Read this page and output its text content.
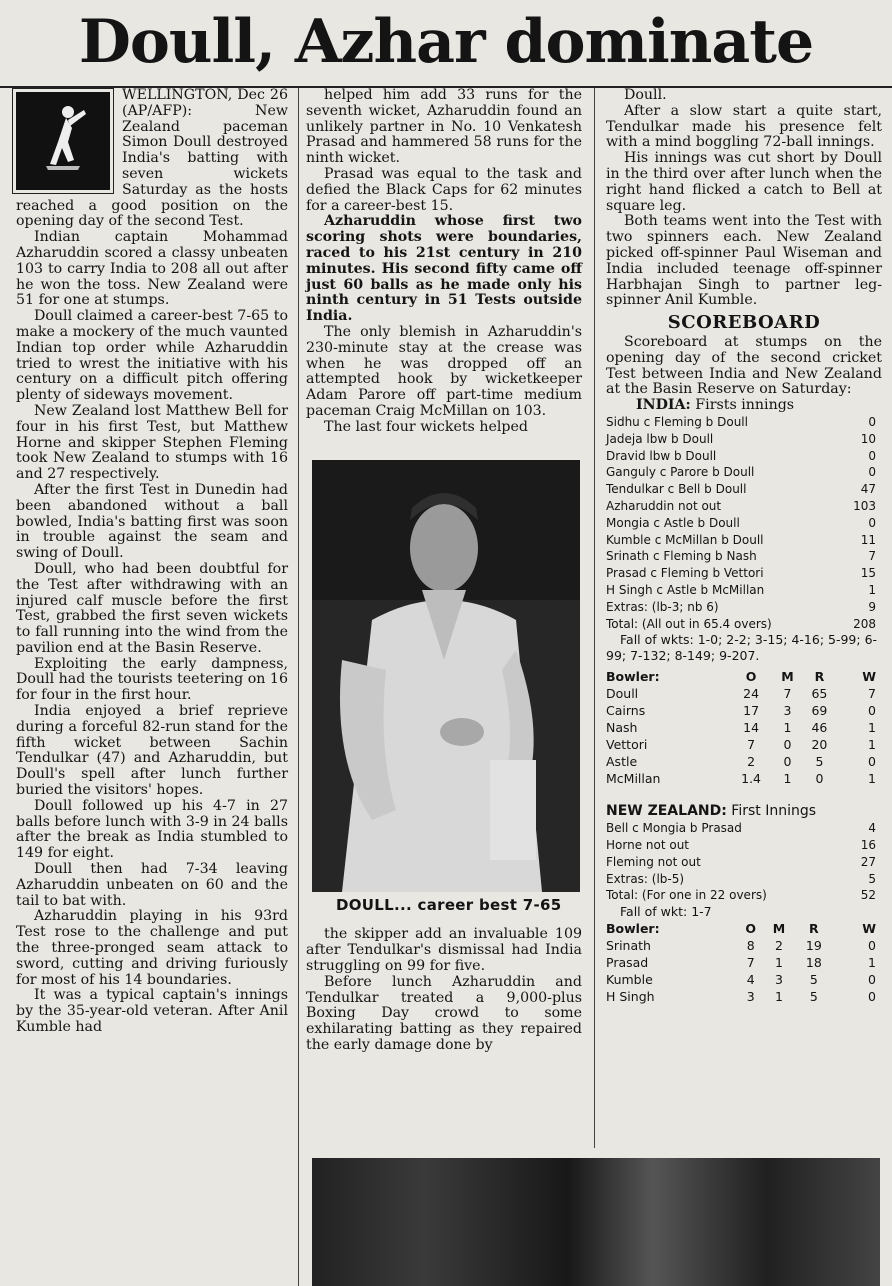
Doull, Azhar dominate

WELLINGTON, Dec 26 (AP/AFP): New Zealand paceman Simon Doull destroyed India's batting with seven wickets Saturday as the hosts reached a good position on the opening day of the second Test.

Indian captain Mohammad Azharuddin scored a classy unbeaten 103 to carry India to 208 all out after he won the toss. New Zealand were 51 for one at stumps.

Doull claimed a career-best 7-65 to make a mockery of the much vaunted Indian top order while Azharuddin tried to wrest the initiative with his century on a difficult pitch offering plenty of sideways movement.

New Zealand lost Matthew Bell for four in his first Test, but Matthew Horne and skipper Stephen Fleming took New Zealand to stumps with 16 and 27 respectively.

After the first Test in Dunedin had been abandoned without a ball bowled, India's batting first was soon in trouble against the seam and swing of Doull.

Doull, who had been doubtful for the Test after withdrawing with an injured calf muscle before the first Test, grabbed the first seven wickets to fall running into the wind from the pavilion end at the Basin Reserve.

Exploiting the early dampness, Doull had the tourists teetering on 16 for four in the first hour.

India enjoyed a brief reprieve during a forceful 82-run stand for the fifth wicket between Sachin Tendulkar (47) and Azharuddin, but Doull's spell after lunch further buried the visitors' hopes.

Doull followed up his 4-7 in 27 balls before lunch with 3-9 in 24 balls after the break as India stumbled to 149 for eight.

Doull then had 7-34 leaving Azharuddin unbeaten on 60 and the tail to bat with.

Azharuddin playing in his 93rd Test rose to the challenge and put the three-pronged seam attack to sword, cutting and driving furiously for most of his 14 boundaries.

It was a typical captain's innings by the 35-year-old veteran. After Anil Kumble had

helped him add 33 runs for the seventh wicket, Azharuddin found an unlikely partner in No. 10 Venkatesh Prasad and hammered 58 runs for the ninth wicket.

Prasad was equal to the task and defied the Black Caps for 62 minutes for a career-best 15.

Azharuddin whose first two scoring shots were boundaries, raced to his 21st century in 210 minutes. His second fifty came off just 60 balls as he made only his ninth century in 51 Tests outside India.

The only blemish in Azharuddin's 230-minute stay at the crease was when he was dropped off an attempted hook by wicketkeeper Adam Parore off part-time medium paceman Craig McMillan on 103.

The last four wickets helped

DOULL... career best 7-65

the skipper add an invaluable 109 after Tendulkar's dismissal had India struggling on 99 for five.

Before lunch Azharuddin and Tendulkar treated a 9,000-plus Boxing Day crowd to some exhilarating batting as they repaired the early damage done by

Doull.

After a slow start a quite start, Tendulkar made his presence felt with a mind boggling 72-ball innings.

His innings was cut short by Doull in the third over after lunch when the right hand flicked a catch to Bell at square leg.

Both teams went into the Test with two spinners each. New Zealand picked off-spinner Paul Wiseman and India included teenage off-spinner Harbhajan Singh to partner leg-spinner Anil Kumble.

SCOREBOARD

Scoreboard at stumps on the opening day of the second cricket Test between India and New Zealand at the Basin Reserve on Saturday:

INDIA: Firsts innings
Sidhu c Fleming b Doull	0
Jadeja lbw b Doull	10
Dravid lbw b Doull	0
Ganguly c Parore b Doull	0
Tendulkar c Bell b Doull	47
Azharuddin not out	103
Mongia c Astle b Doull	0
Kumble c McMillan b Doull	11
Srinath c Fleming b Nash	7
Prasad c Fleming b Vettori	15
H Singh c Astle b McMillan	1
Extras: (lb-3; nb 6)	9
Total: (All out in 65.4 overs)	208
Fall of wkts: 1-0; 2-2; 3-15; 4-16; 5-99; 6-99; 7-132; 8-149; 9-207.
Bowler:	O	M	R	W
Doull	24	7	65	7
Cairns	17	3	69	0
Nash	14	1	46	1
Vettori	7	0	20	1
Astle	2	0	5	0
McMillan	1.4	1	0	1
NEW ZEALAND: First Innings
Bell c Mongia b Prasad	4
Horne not out	16
Fleming not out	27
Extras: (lb-5)	5
Total: (For one in 22 overs)	52
Fall of wkt: 1-7
Bowler:	O	M	R	W
Srinath	8	2	19	0
Prasad	7	1	18	1
Kumble	4	3	5	0
H Singh	3	1	5	0
